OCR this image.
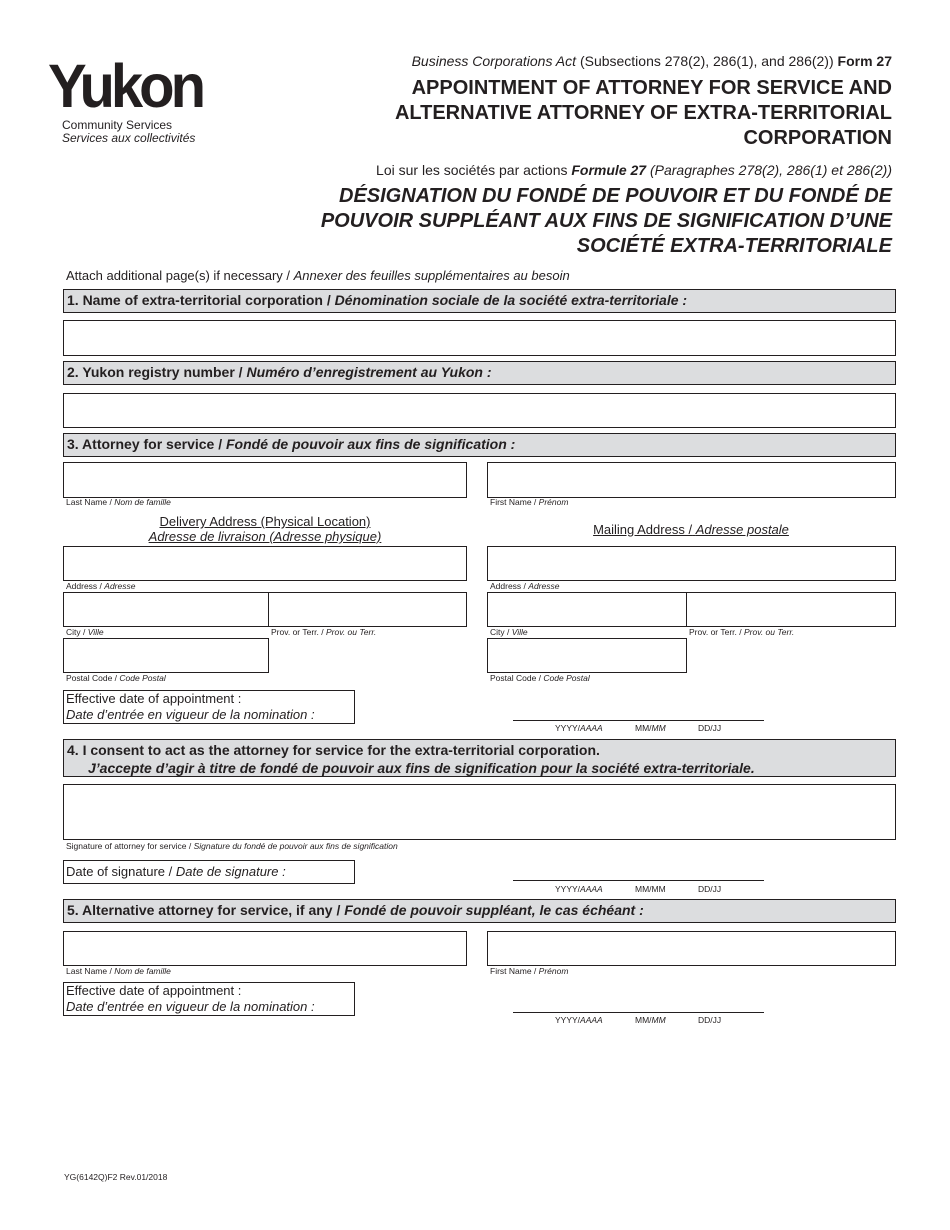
Yukon
Community Services
Services aux collectivités
Business Corporations Act (Subsections 278(2), 286(1), and 286(2)) Form 27
APPOINTMENT OF ATTORNEY FOR SERVICE AND ALTERNATIVE ATTORNEY OF EXTRA-TERRITORIAL CORPORATION
Loi sur les sociétés par actions Formule 27 (Paragraphes 278(2), 286(1) et 286(2))
DÉSIGNATION DU FONDÉ DE POUVOIR ET DU FONDÉ DE POUVOIR SUPPLÉANT AUX FINS DE SIGNIFICATION D’UNE SOCIÉTÉ EXTRA-TERRITORIALE
Attach additional page(s) if necessary / Annexer des feuilles supplémentaires au besoin
1. Name of extra-territorial corporation / Dénomination sociale de la société extra-territoriale :
2. Yukon registry number / Numéro d’enregistrement au Yukon :
3. Attorney for service / Fondé de pouvoir aux fins de signification :
Last Name / Nom de famille	First Name / Prénom
Delivery Address (Physical Location)
Adresse de livraison (Adresse physique)	Mailing Address / Adresse postale
Address / Adresse	Address / Adresse
City / Ville	Prov. or Terr. / Prov. ou Terr.	City / Ville	Prov. or Terr. / Prov. ou Terr.
Postal Code / Code Postal	Postal Code / Code Postal
Effective date of appointment :
Date d’entrée en vigueur de la nomination :
YYYY/AAAA	MM/MM	DD/JJ
4. I consent to act as the attorney for service for the extra-territorial corporation.
J’accepte d’agir à titre de fondé de pouvoir aux fins de signification pour la société extra-territoriale.
Signature of attorney for service / Signature du fondé de pouvoir aux fins de signification
Date of signature / Date de signature :
YYYY/AAAA	MM/MM	DD/JJ
5. Alternative attorney for service, if any / Fondé de pouvoir suppléant, le cas échéant :
Last Name / Nom de famille	First Name / Prénom
Effective date of appointment :
Date d’entrée en vigueur de la nomination :
YYYY/AAAA	MM/MM	DD/JJ
YG(6142Q)F2 Rev.01/2018
